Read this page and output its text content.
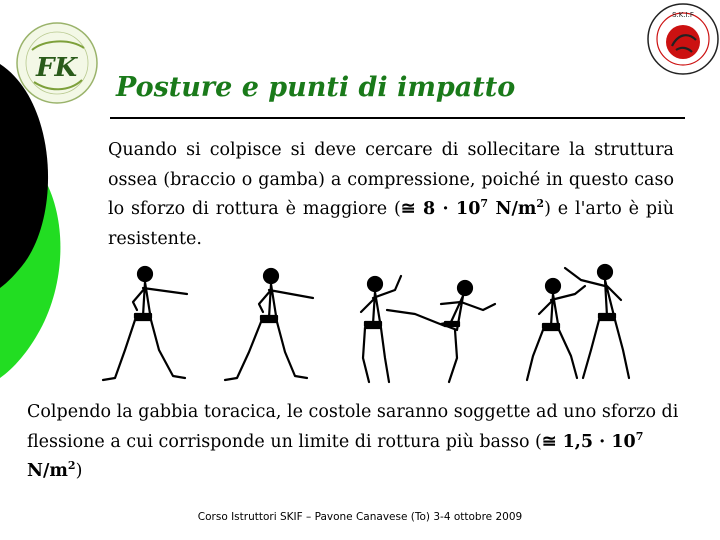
FK
S.K.I.F
Posture e punti di impatto
Quando si colpisce si deve cercare di sollecitare la struttura ossea (braccio o gamba) a compressione, poiché in questo caso lo sforzo di rottura è maggiore (≅ $8 \cdot 10^7$ $N/m^2$) e l'arto è più resistente.
Colpendo la gabbia toracica, le costole saranno soggette ad uno sforzo di flessione a cui corrisponde un limite di rottura più basso (≅ $1,5 \cdot 10^7$ $N/m^2$)
Corso Istruttori SKIF – Pavone Canavese (To) 3-4 ottobre 2009
